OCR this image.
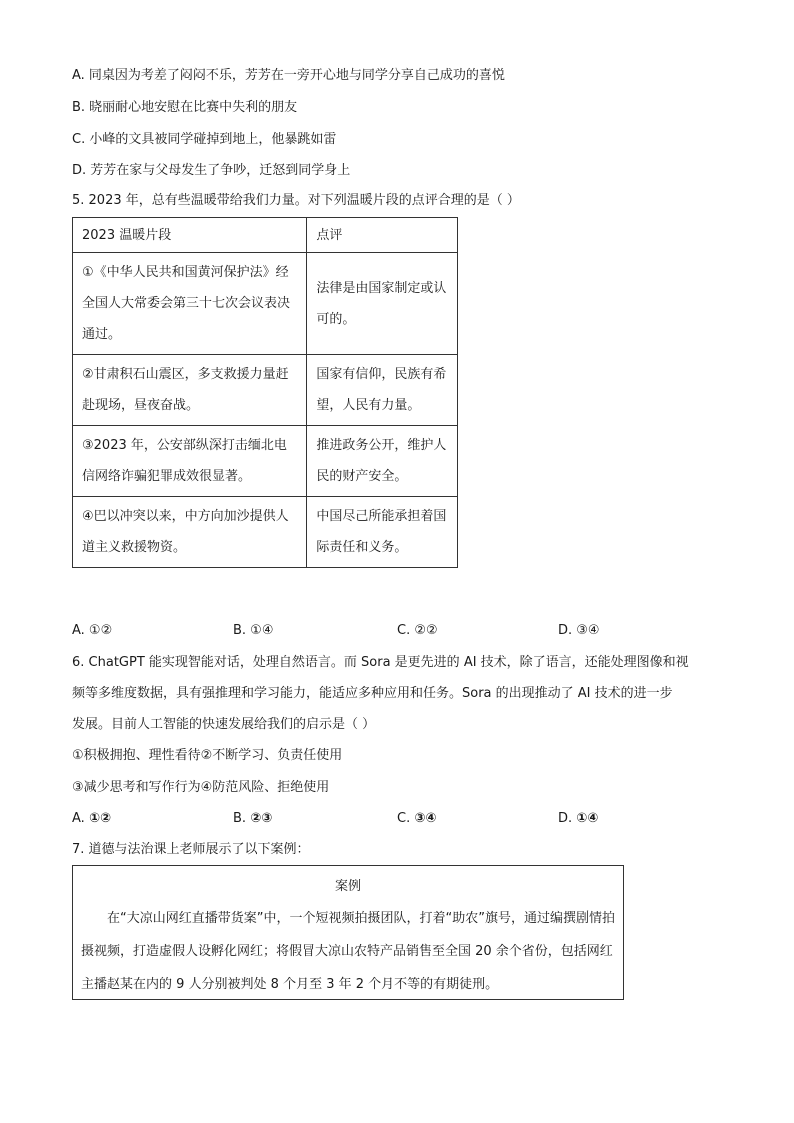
A. 同桌因为考差了闷闷不乐，芳芳在一旁开心地与同学分享自己成功的喜悦
B. 晓丽耐心地安慰在比赛中失利的朋友
C. 小峰的文具被同学碰掉到地上，他暴跳如雷
D. 芳芳在家与父母发生了争吵，迁怒到同学身上
5. 2023 年，总有些温暖带给我们力量。对下列温暖片段的点评合理的是（ ）
2023 温暖片段	点评
①《中华人民共和国黄河保护法》经全国人大常委会第三十七次会议表决通过。	法律是由国家制定或认可的。
②甘肃积石山震区，多支救援力量赶赴现场，昼夜奋战。	国家有信仰，民族有希望，人民有力量。
③2023 年，公安部纵深打击缅北电信网络诈骗犯罪成效很显著。	推进政务公开，维护人民的财产安全。
④巴以冲突以来，中方向加沙提供人道主义救援物资。	中国尽己所能承担着国际责任和义务。
A. ①②	B. ①④	C. ②②	D. ③④
6. ChatGPT 能实现智能对话，处理自然语言。而 Sora 是更先进的 AI 技术，除了语言，还能处理图像和视
频等多维度数据，具有强推理和学习能力，能适应多种应用和任务。Sora 的出现推动了 AI 技术的进一步
发展。目前人工智能的快速发展给我们的启示是（ ）
①积极拥抱、理性看待②不断学习、负责任使用
③减少思考和写作行为④防范风险、拒绝使用
A. ①②	B. ②③	C. ③④	D. ①④
7. 道德与法治课上老师展示了以下案例：
案例
在“大凉山网红直播带货案”中，一个短视频拍摄团队，打着“助农”旗号，通过编撰剧情拍摄视频，打造虚假人设孵化网红；将假冒大凉山农特产品销售至全国 20 余个省份，包括网红主播赵某在内的 9 人分别被判处 8 个月至 3 年 2 个月不等的有期徒刑。
